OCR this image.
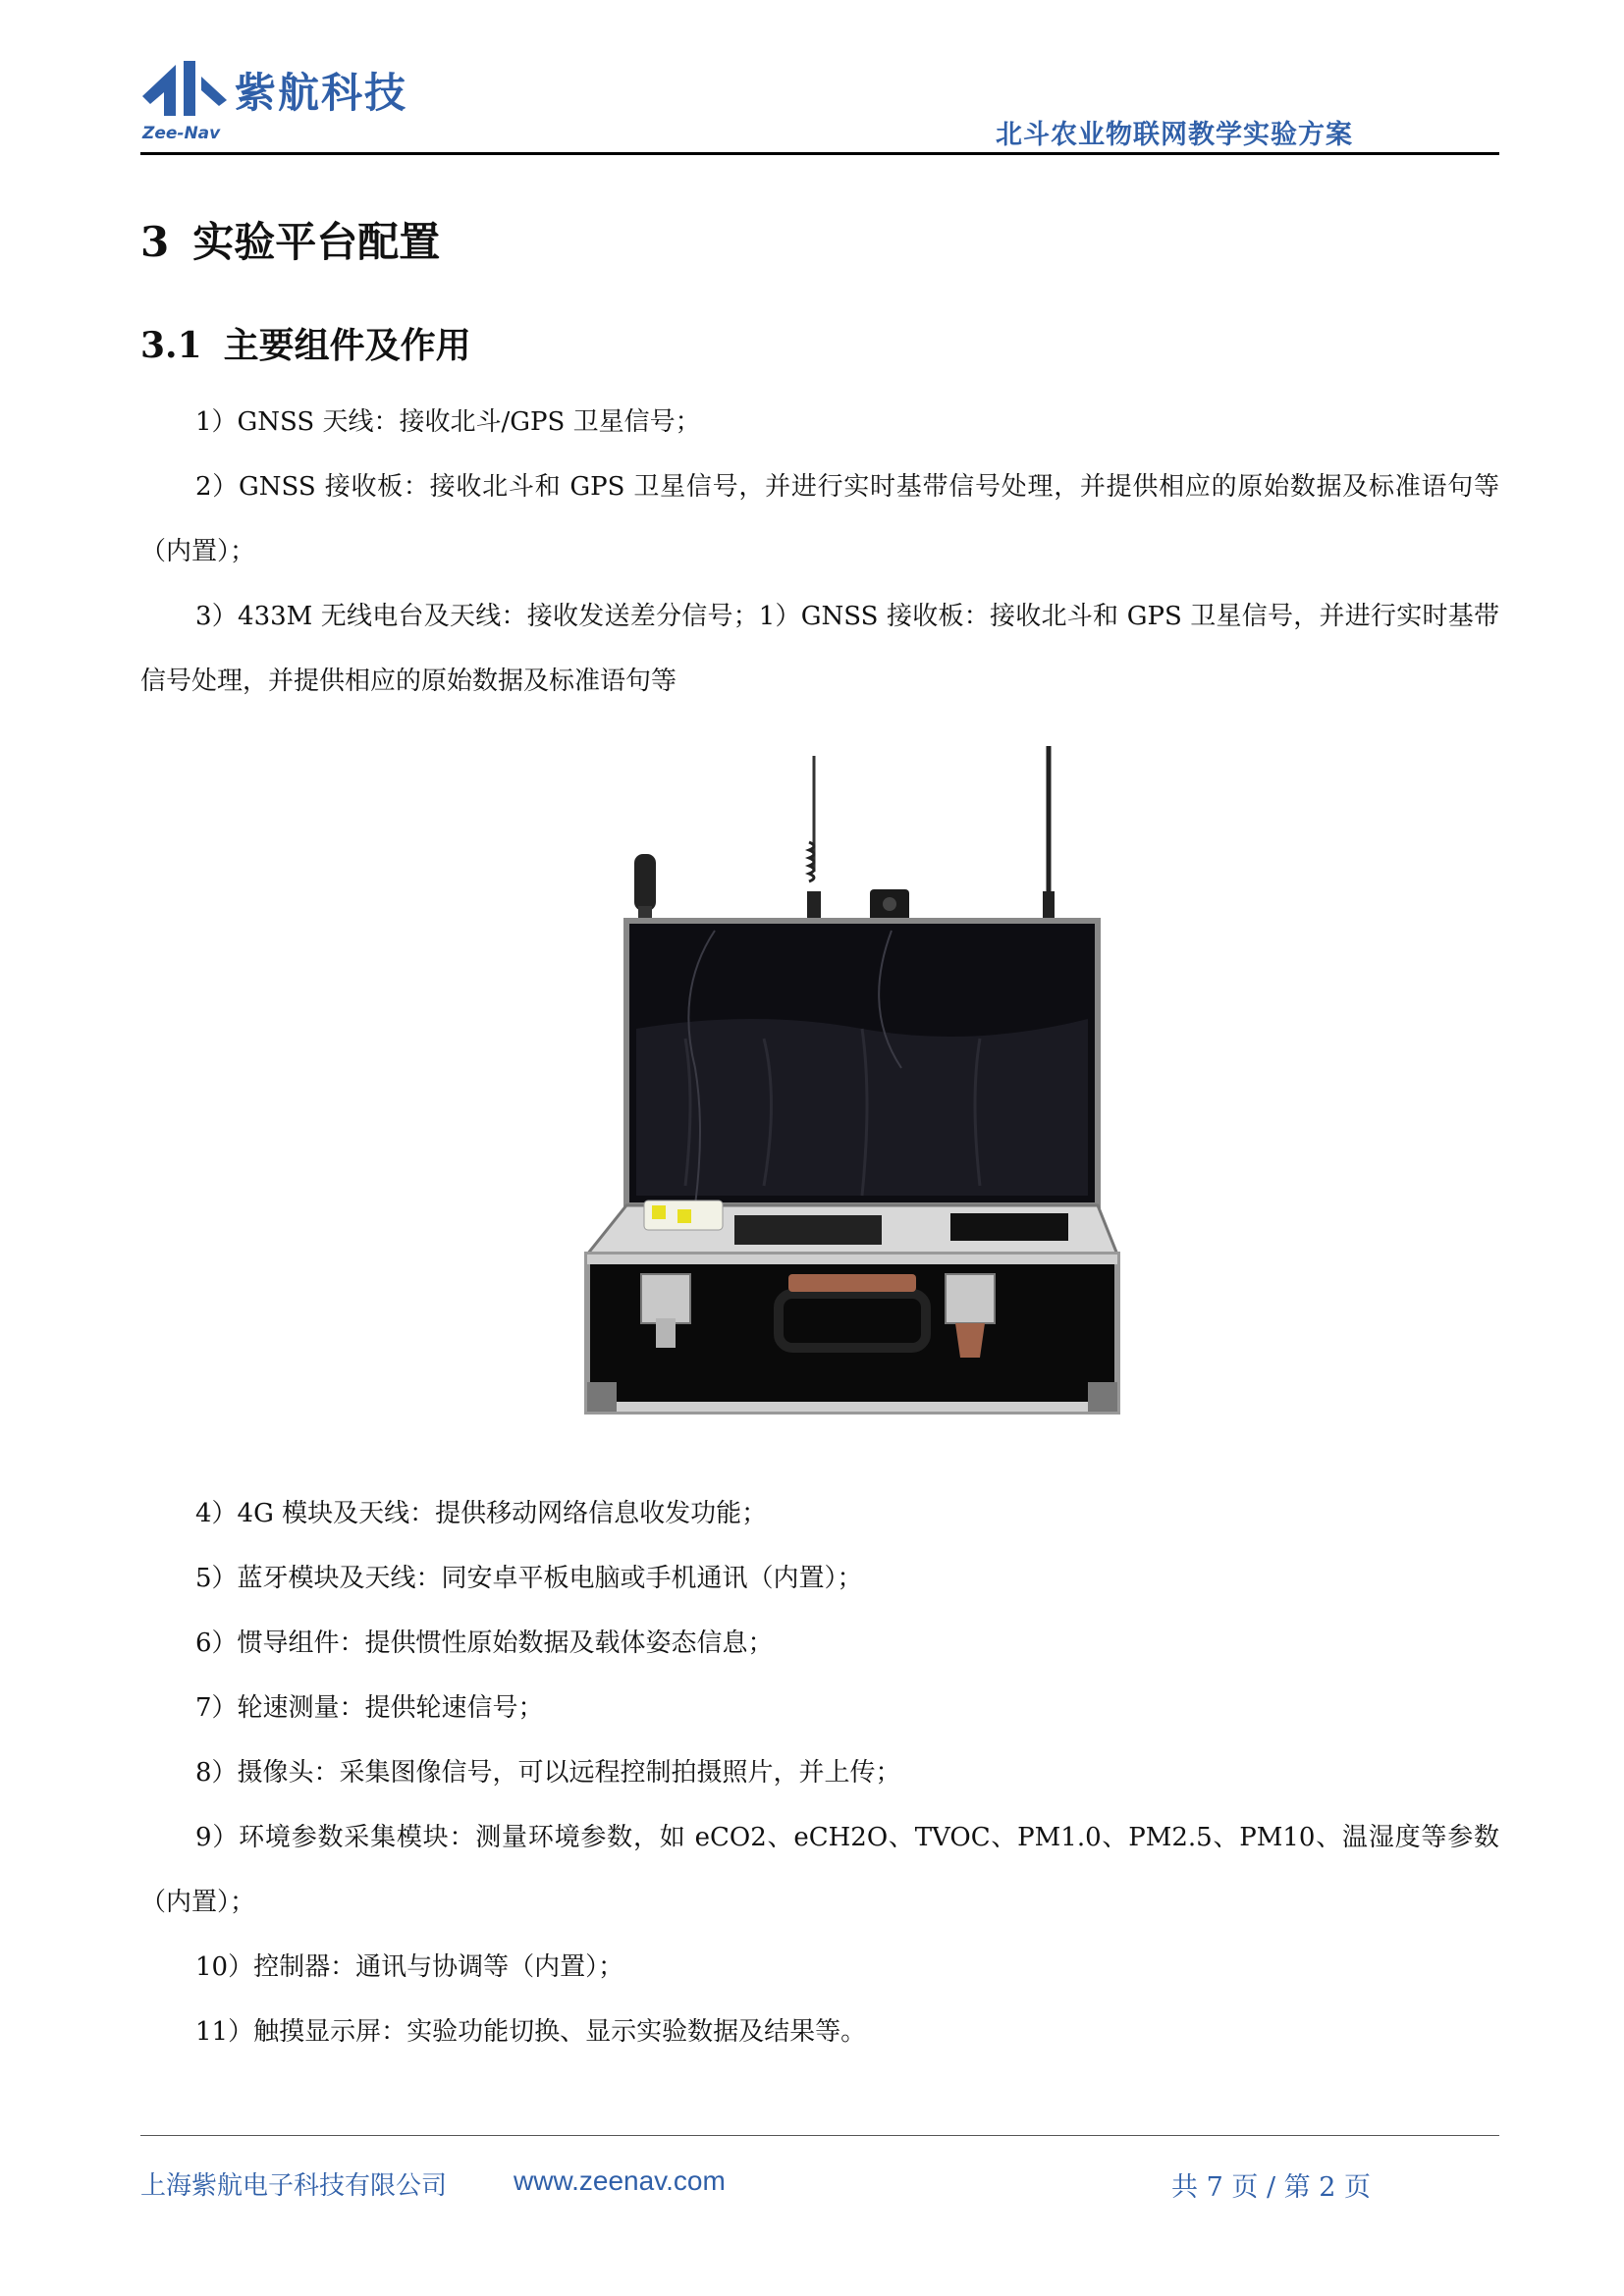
紫航科技
Zee-Nav	北斗农业物联网教学实验方案
3 实验平台配置
3.1 主要组件及作用

1）GNSS 天线：接收北斗/GPS 卫星信号；

2）GNSS 接收板：接收北斗和 GPS 卫星信号，并进行实时基带信号处理，并提供相应的原始数据及标准语句等（内置）；

3）433M 无线电台及天线：接收发送差分信号；1）GNSS 接收板：接收北斗和 GPS 卫星信号，并进行实时基带信号处理，并提供相应的原始数据及标准语句等

4）4G 模块及天线：提供移动网络信息收发功能；

5）蓝牙模块及天线：同安卓平板电脑或手机通讯（内置）；

6）惯导组件：提供惯性原始数据及载体姿态信息；

7）轮速测量：提供轮速信号；

8）摄像头：采集图像信号，可以远程控制拍摄照片，并上传；

9）环境参数采集模块：测量环境参数，如 eCO2、eCH2O、TVOC、PM1.0、PM2.5、PM10、温湿度等参数（内置）；

10）控制器：通讯与协调等（内置）；

11）触摸显示屏：实验功能切换、显示实验数据及结果等。

上海紫航电子科技有限公司 www.zeenav.com	共 7 页 / 第 2 页
